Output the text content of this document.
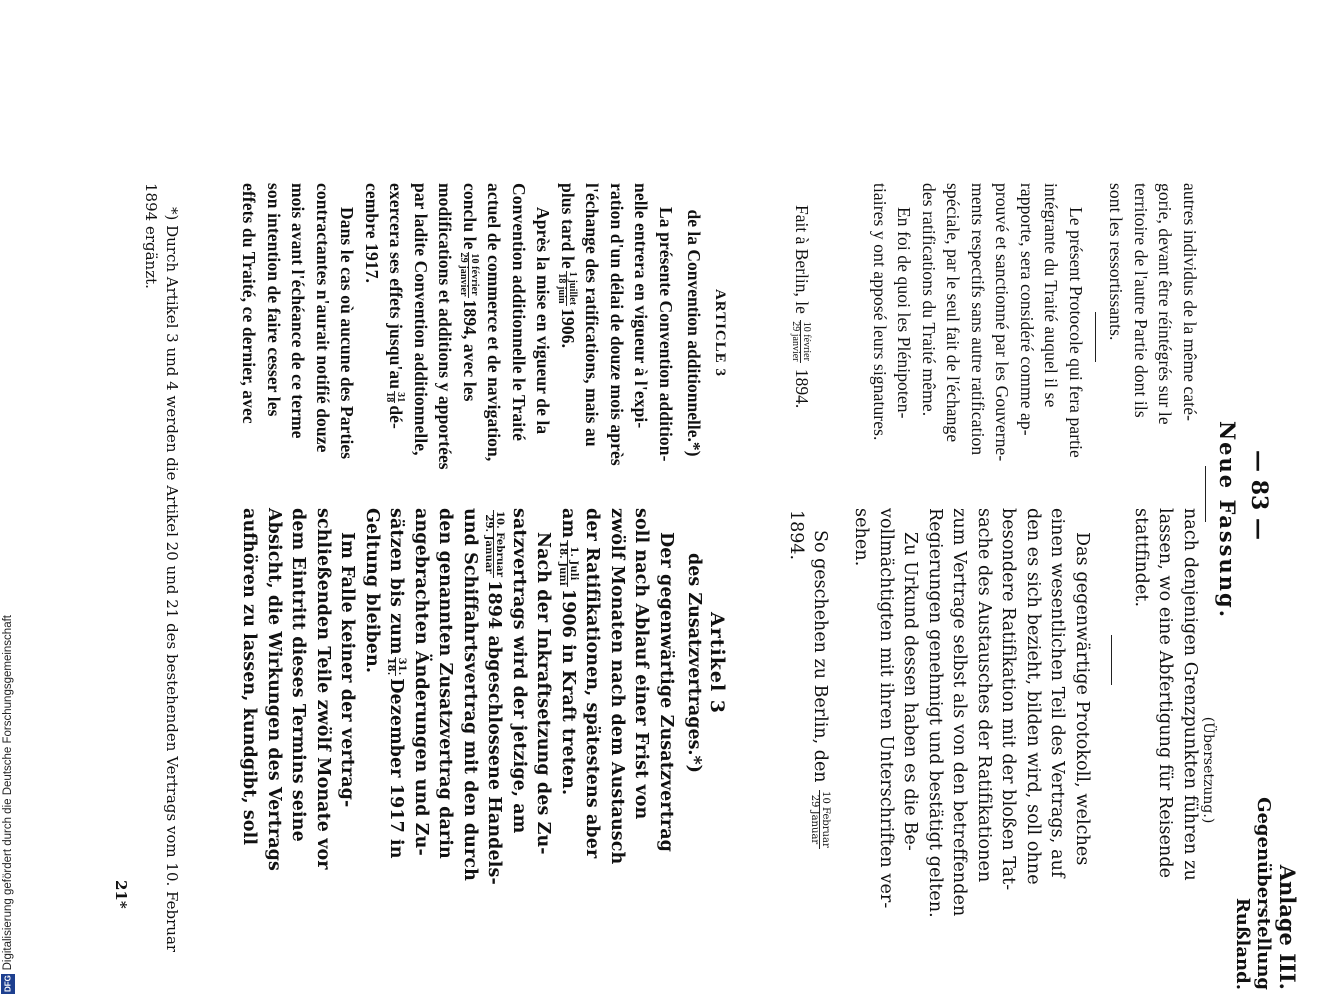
Anlage III.
Gegenüberstellung Rußland.
— 83 —
Neue Fassung.
(Übersetzung.)
autres individus de la même caté-
gorie, devant être réintégrés sur le
territoire de l'autre Partie dont ils
sont les ressortissants.
Le présent Protocole qui fera partie
intégrante du Traité auquel il se
rapporte, sera considéré comme ap-
prouvé et sanctionné par les Gouverne-
ments respectifs sans autre ratification
spéciale, par le seul fait de l'échange
des ratifications du Traité même.
En foi de quoi les Plénipoten-
tiaires y ont apposé leurs signatures.
Fait à Berlin, le
10 février
29 janvier
1894.
ARTICLE 3
de la Convention additionnelle.*)
La présente Convention addition-
nelle entrera en vigueur à l'expi-
ration d'un délai de douze mois après
l'échange des ratifications, mais au
plus tard le
1 juillet
18 juin
1906.
Après la mise en vigueur de la
Convention additionnelle le Traité
actuel de commerce et de navigation,
conclu le
10 février
29 janvier
1894, avec les
modifications et additions y apportées
par ladite Convention additionnelle,
exercera ses effets jusqu'au
31
18
dé-
cembre 1917.
Dans le cas où aucune des Parties
contractantes n'aurait notifié douze
mois avant l'échéance de ce terme
son intention de faire cesser les
effets du Traité, ce dernier, avec
nach denjenigen Grenzpunkten führen zu
lassen, wo eine Abfertigung für Reisende
stattfindet.
Das gegenwärtige Protokoll, welches
einen wesentlichen Teil des Vertrags, auf
den es sich bezieht, bilden wird, soll ohne
besondere Ratifikation mit der bloßen Tat-
sache des Austausches der Ratifikationen
zum Vertrage selbst als von den betreffenden
Regierungen genehmigt und bestätigt gelten.
Zu Urkund dessen haben es die Be-
vollmächtigten mit ihren Unterschriften ver-
sehen.
So geschehen zu Berlin, den
10 Februar
29 Januar
1894.
Artikel 3
des Zusatzvertrages.*)
Der gegenwärtige Zusatzvertrag
soll nach Ablauf einer Frist von
zwölf Monaten nach dem Austausch
der Ratifikationen, spätestens aber
am
1. Juli
18. Juni
1906 in Kraft treten.
Nach der Inkraftsetzung des Zu-
satzvertrags wird der jetzige, am
10. Februar
29. Januar
1894 abgeschlossene Handels-
und Schiffahrtsvertrag mit den durch
den genannten Zusatzvertrag darin
angebrachten Änderungen und Zu-
sätzen bis zum
31.
18.
Dezember 1917 in
Geltung bleiben.
Im Falle keiner der vertrag-
schließenden Teile zwölf Monate vor
dem Eintritt dieses Termins seine
Absicht, die Wirkungen des Vertrags
aufhören zu lassen, kundgibt, soll
*) Durch Artikel 3 und 4 werden die Artikel 20 und 21 des bestehenden Vertrags vom 10. Februar
1894 ergänzt.
21*
Digitalisierung gefördert durch die Deutsche Forschungsgemeinschaft
DFG
